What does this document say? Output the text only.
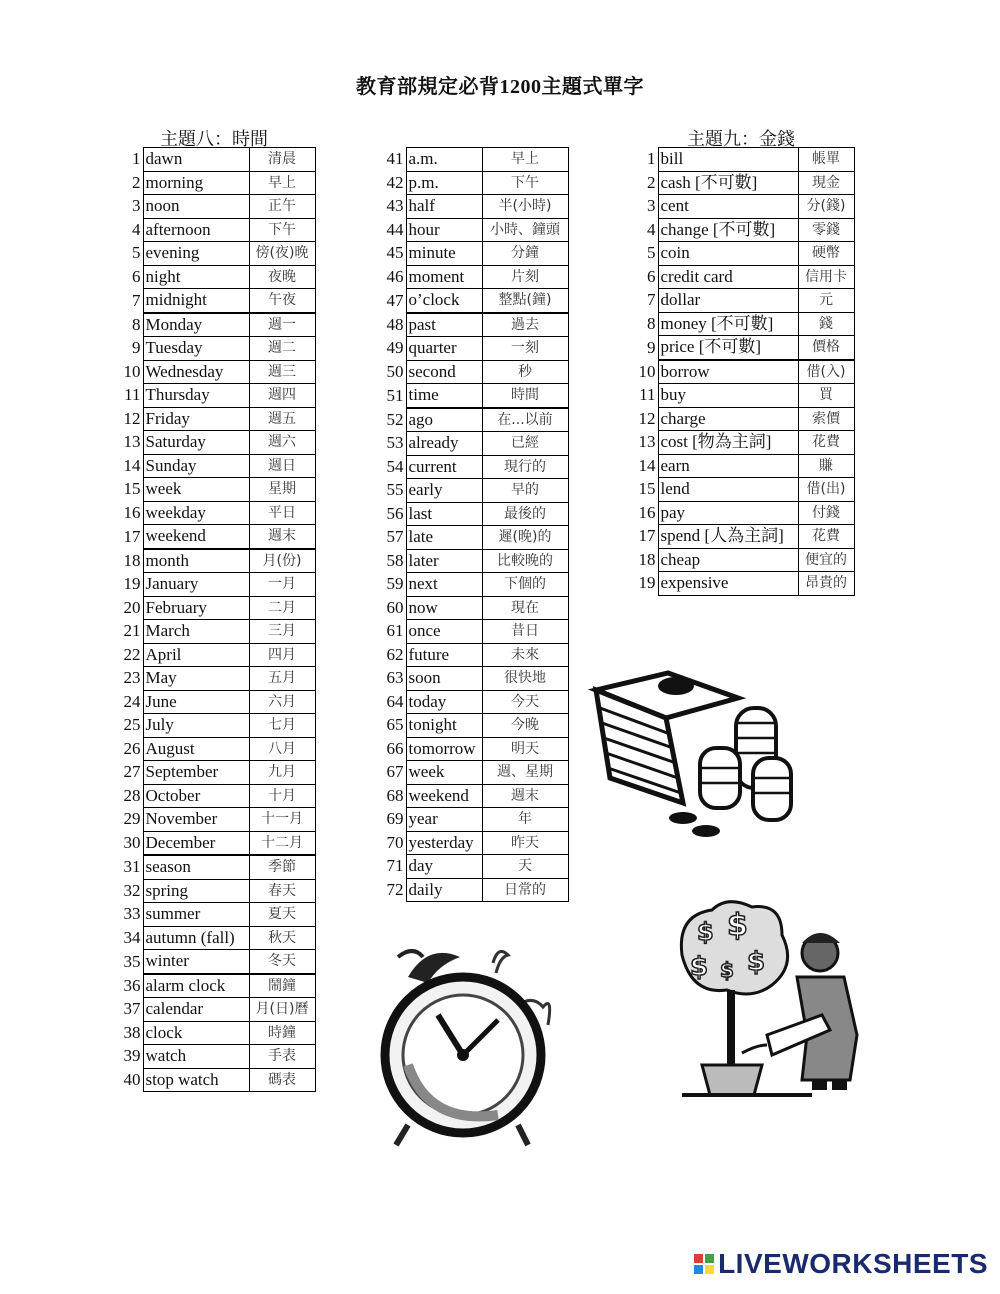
教育部規定必背1200主題式單字
主題八：時間	主題九：金錢
1	dawn	清晨
2	morning	早上
3	noon	正午
4	afternoon	下午
5	evening	傍(夜)晚
6	night	夜晚
7	midnight	午夜
8	Monday	週一
9	Tuesday	週二
10	Wednesday	週三
11	Thursday	週四
12	Friday	週五
13	Saturday	週六
14	Sunday	週日
15	week	星期
16	weekday	平日
17	weekend	週末
18	month	月(份)
19	January	一月
20	February	二月
21	March	三月
22	April	四月
23	May	五月
24	June	六月
25	July	七月
26	August	八月
27	September	九月
28	October	十月
29	November	十一月
30	December	十二月
31	season	季節
32	spring	春天
33	summer	夏天
34	autumn (fall)	秋天
35	winter	冬天
36	alarm clock	鬧鐘
37	calendar	月(日)曆
38	clock	時鐘
39	watch	手表
40	stop watch	碼表
41	a.m.	早上
42	p.m.	下午
43	half	半(小時)
44	hour	小時、鐘頭
45	minute	分鐘
46	moment	片刻
47	o’clock	整點(鐘)
48	past	過去
49	quarter	一刻
50	second	秒
51	time	時間
52	ago	在...以前
53	already	已經
54	current	現行的
55	early	早的
56	last	最後的
57	late	遲(晚)的
58	later	比較晚的
59	next	下個的
60	now	現在
61	once	昔日
62	future	未來
63	soon	很快地
64	today	今天
65	tonight	今晚
66	tomorrow	明天
67	week	週、星期
68	weekend	週末
69	year	年
70	yesterday	昨天
71	day	天
72	daily	日常的
1	bill	帳單
2	cash [不可數]	現金
3	cent	分(錢)
4	change [不可數]	零錢
5	coin	硬幣
6	credit card	信用卡
7	dollar	元
8	money [不可數]	錢
9	price [不可數]	價格
10	borrow	借(入)
11	buy	買
12	charge	索價
13	cost [物為主詞]	花費
14	earn	賺
15	lend	借(出)
16	pay	付錢
17	spend [人為主詞]	花費
18	cheap	便宜的
19	expensive	昂貴的
$ $
$ $ $
LIVEWORKSHEETS
